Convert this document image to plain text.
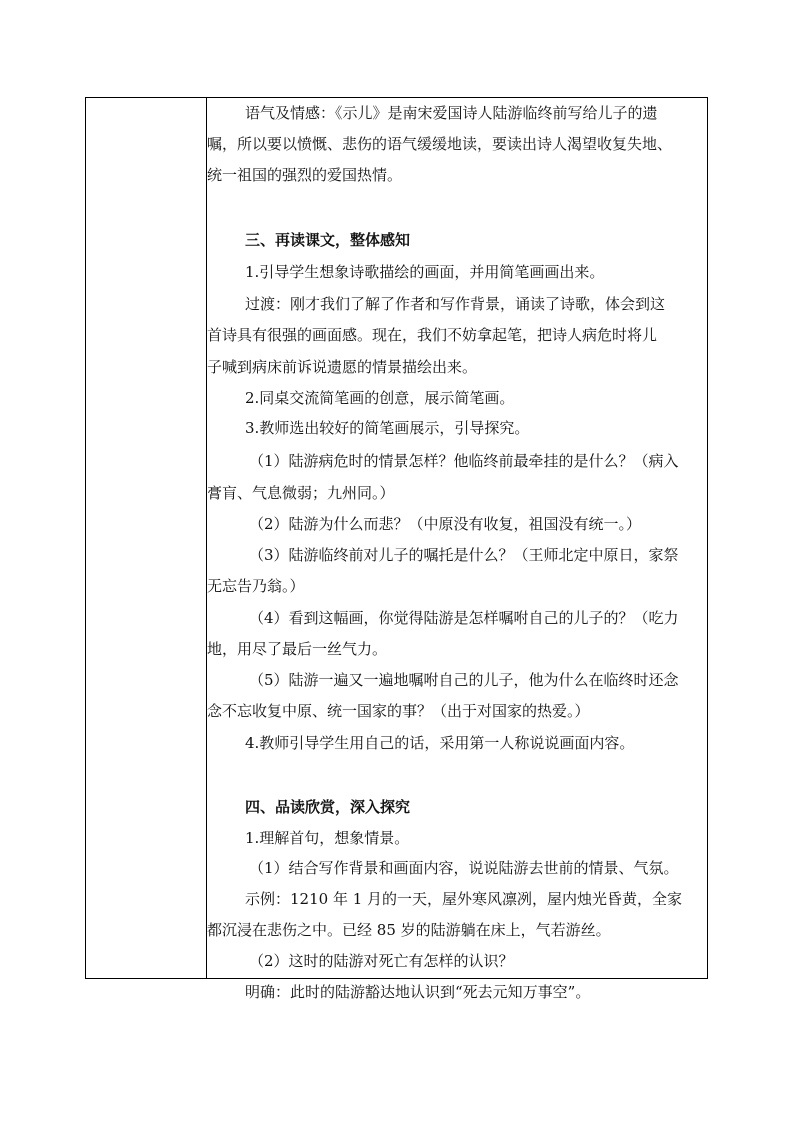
语气及情感：《示儿》是南宋爱国诗人陆游临终前写给儿子的遗

嘱，所以要以愤慨、悲伤的语气缓缓地读，要读出诗人渴望收复失地、

统一祖国的强烈的爱国热情。

三、再读课文，整体感知

1.引导学生想象诗歌描绘的画面，并用简笔画画出来。

过渡：刚才我们了解了作者和写作背景，诵读了诗歌，体会到这

首诗具有很强的画面感。现在，我们不妨拿起笔，把诗人病危时将儿

子喊到病床前诉说遗愿的情景描绘出来。

2.同桌交流简笔画的创意，展示简笔画。

3.教师选出较好的简笔画展示，引导探究。

（1）陆游病危时的情景怎样？他临终前最牵挂的是什么？（病入

膏肓、气息微弱；九州同。）

（2）陆游为什么而悲？（中原没有收复，祖国没有统一。）

（3）陆游临终前对儿子的嘱托是什么？（王师北定中原日，家祭

无忘告乃翁。）

（4）看到这幅画，你觉得陆游是怎样嘱咐自己的儿子的？（吃力

地，用尽了最后一丝气力。

（5）陆游一遍又一遍地嘱咐自己的儿子，他为什么在临终时还念

念不忘收复中原、统一国家的事？（出于对国家的热爱。）

4.教师引导学生用自己的话，采用第一人称说说画面内容。

四、品读欣赏，深入探究

1.理解首句，想象情景。

（1）结合写作背景和画面内容，说说陆游去世前的情景、气氛。

示例：1210 年 1 月的一天，屋外寒风凛冽，屋内烛光昏黄，全家

都沉浸在悲伤之中。已经 85 岁的陆游躺在床上，气若游丝。

（2）这时的陆游对死亡有怎样的认识？

明确：此时的陆游豁达地认识到“死去元知万事空”。
